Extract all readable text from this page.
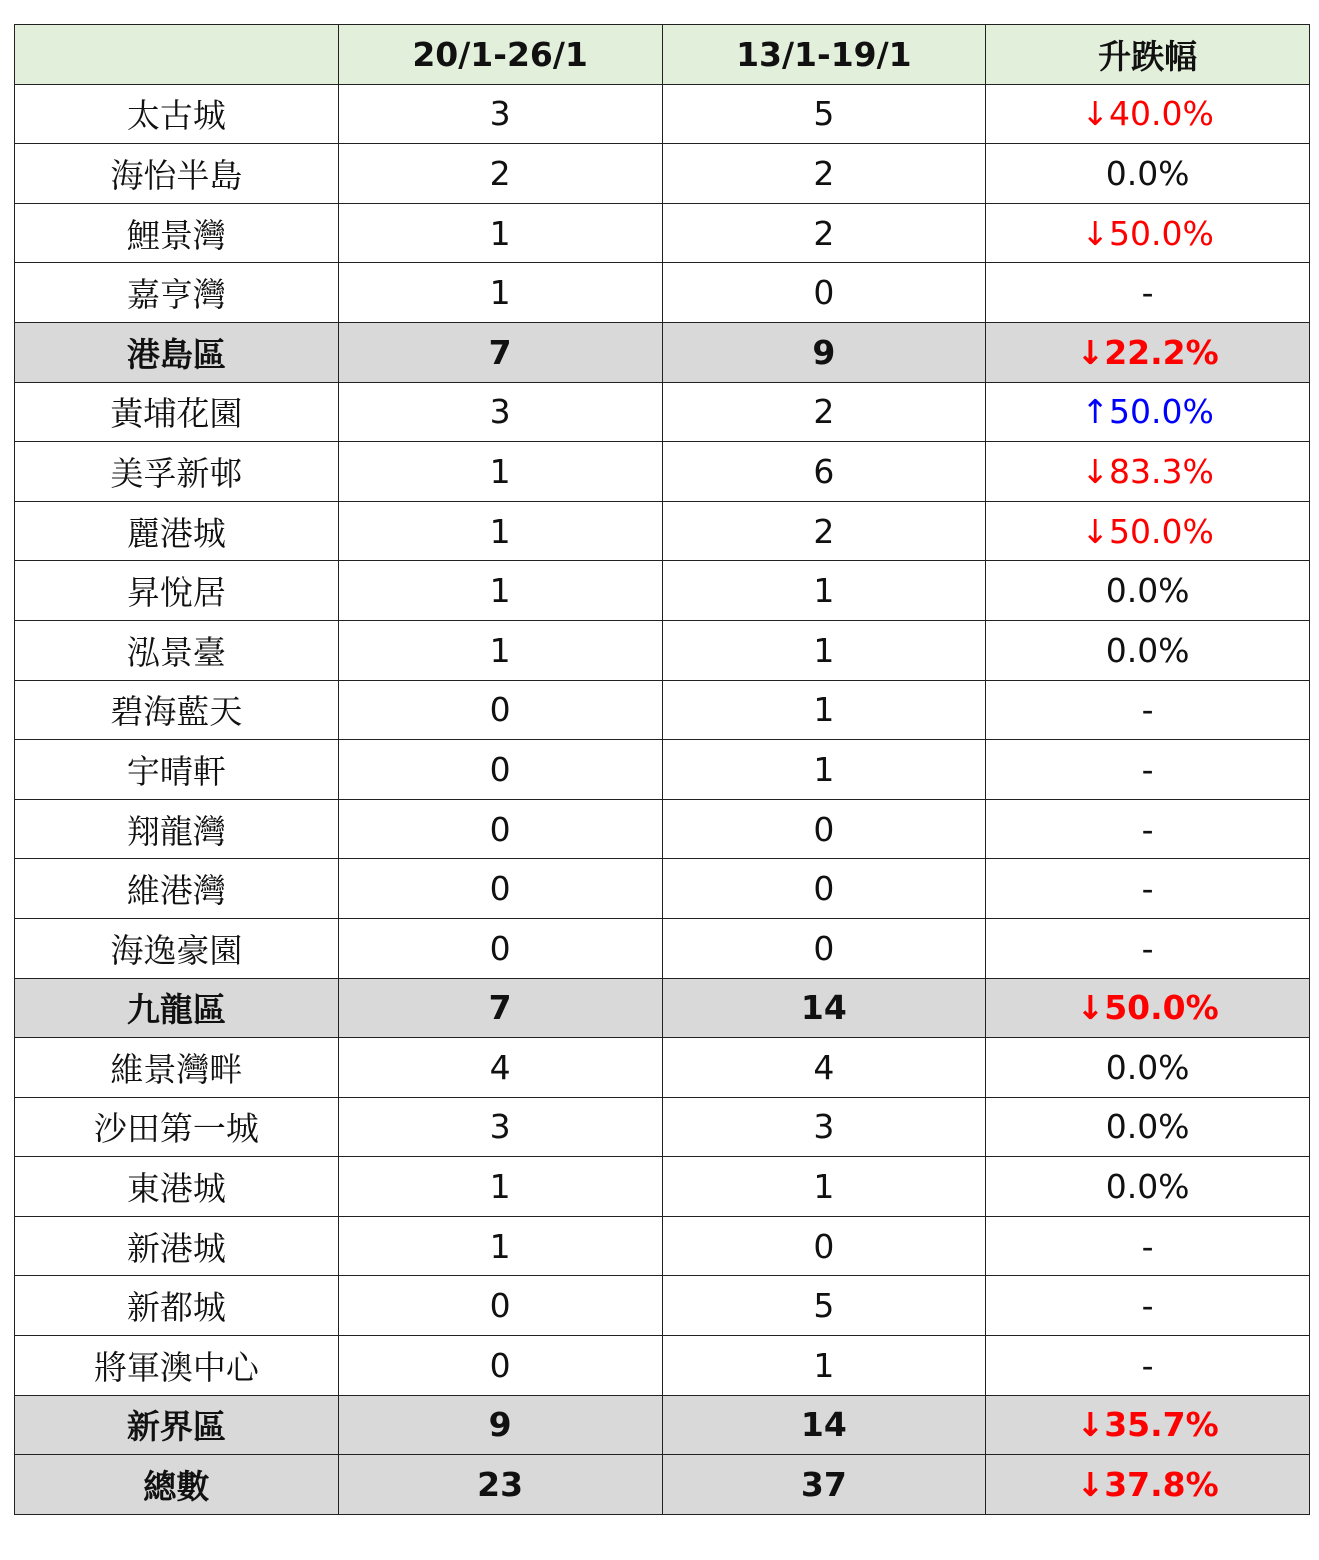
	20/1-26/1	13/1-19/1	升跌幅
太古城	3	5	↓40.0%
海怡半島	2	2	0.0%
鯉景灣	1	2	↓50.0%
嘉亨灣	1	0	-
港島區	7	9	↓22.2%
黃埔花園	3	2	↑50.0%
美孚新邨	1	6	↓83.3%
麗港城	1	2	↓50.0%
昇悅居	1	1	0.0%
泓景臺	1	1	0.0%
碧海藍天	0	1	-
宇晴軒	0	1	-
翔龍灣	0	0	-
維港灣	0	0	-
海逸豪園	0	0	-
九龍區	7	14	↓50.0%
維景灣畔	4	4	0.0%
沙田第一城	3	3	0.0%
東港城	1	1	0.0%
新港城	1	0	-
新都城	0	5	-
將軍澳中心	0	1	-
新界區	9	14	↓35.7%
總數	23	37	↓37.8%
